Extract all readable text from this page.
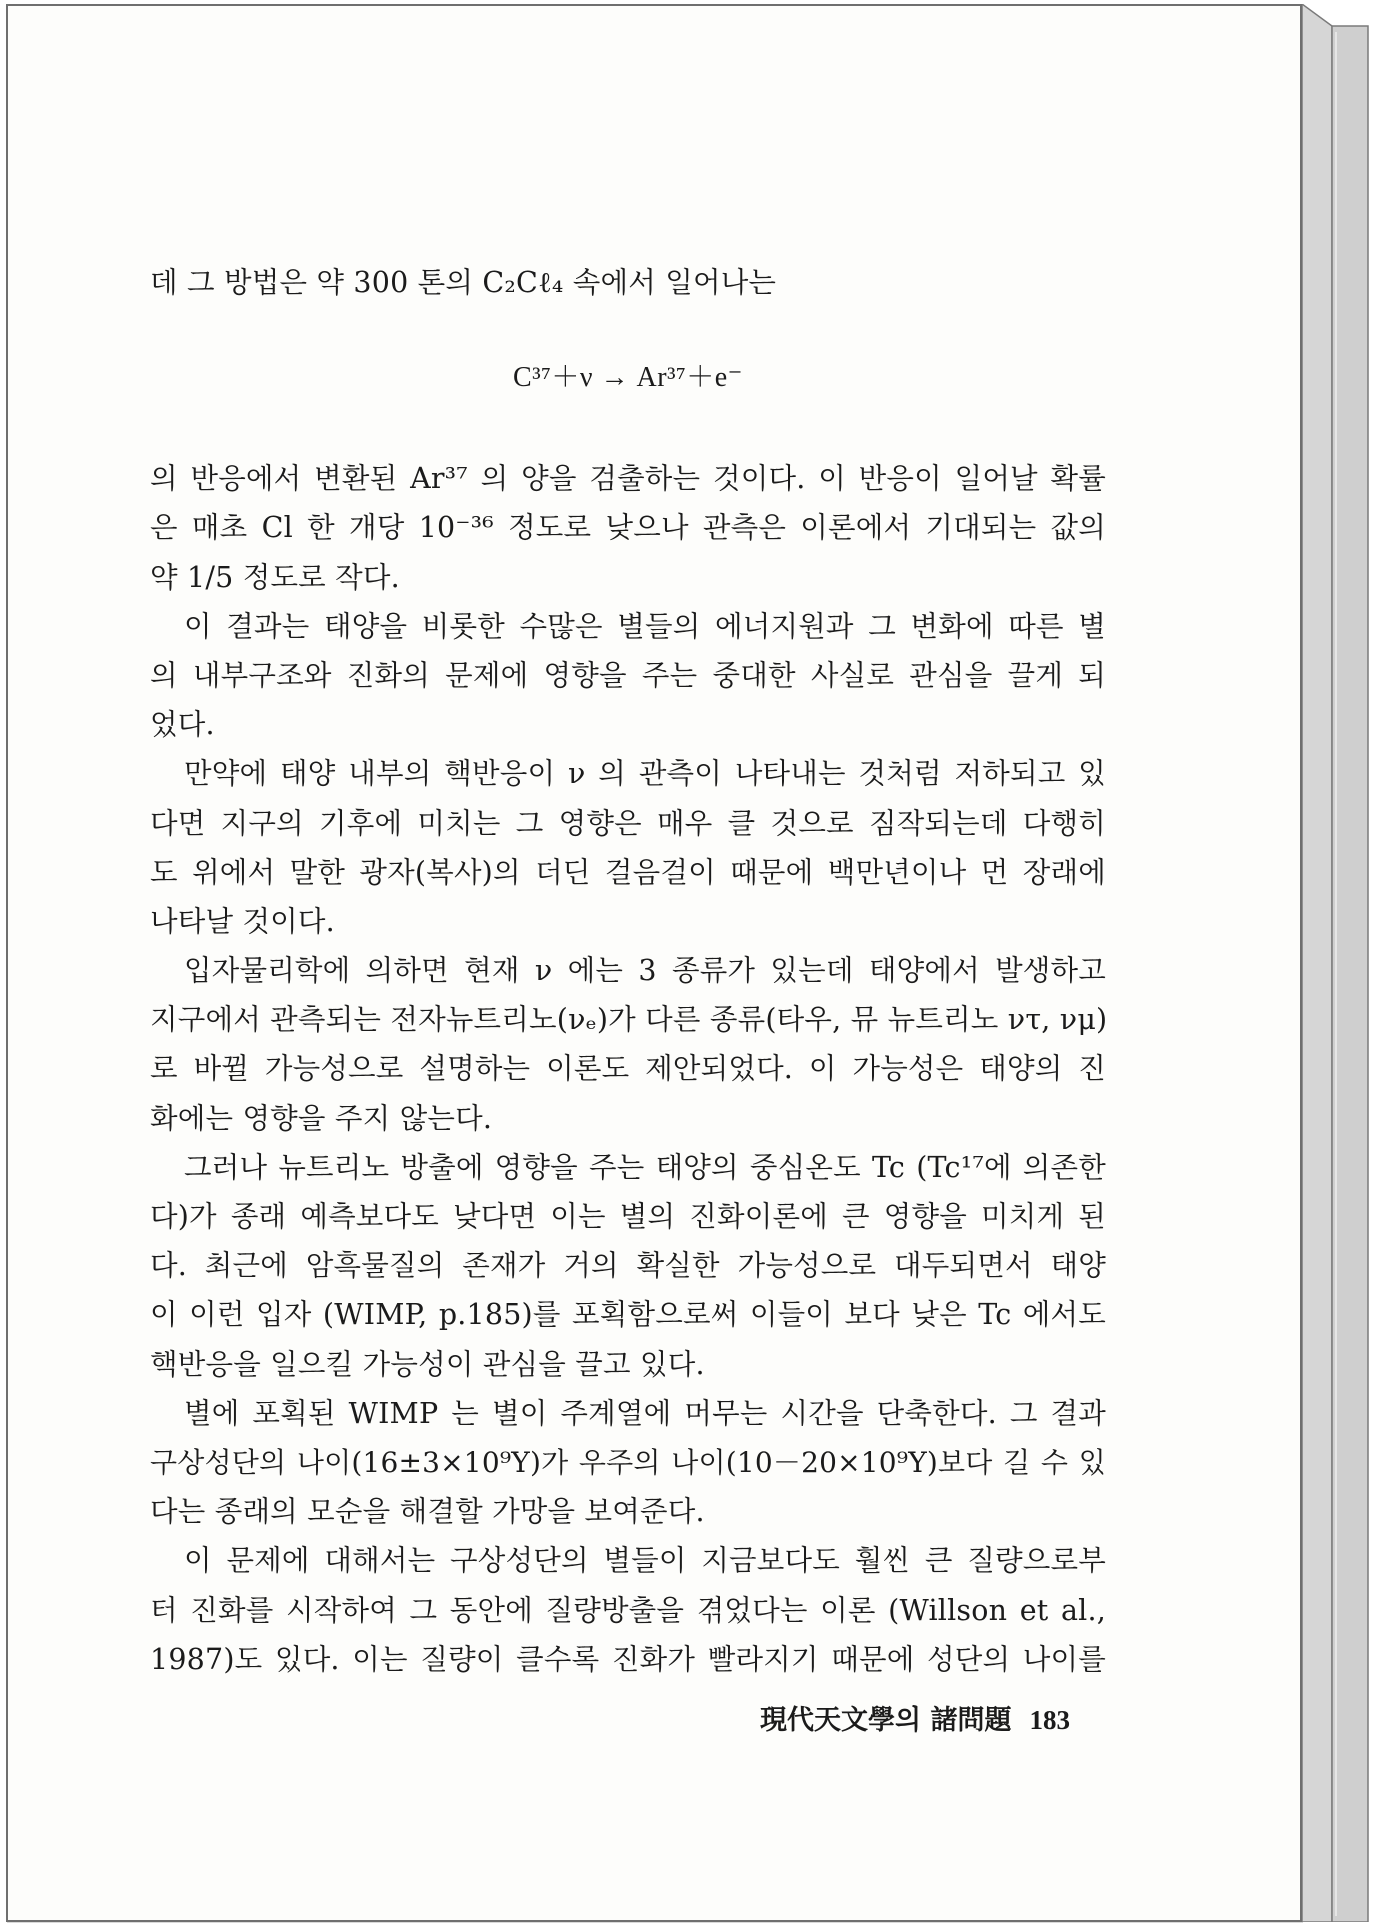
데 그 방법은 약 300 톤의 C₂Cℓ₄ 속에서 일어나는
C³⁷＋ν → Ar³⁷＋e⁻
의 반응에서 변환된 Ar³⁷ 의 양을 검출하는 것이다. 이 반응이 일어날 확률
은 매초 Cl 한 개당 10⁻³⁶ 정도로 낮으나 관측은 이론에서 기대되는 값의
약 1/5 정도로 작다.
이 결과는 태양을 비롯한 수많은 별들의 에너지원과 그 변화에 따른 별
의 내부구조와 진화의 문제에 영향을 주는 중대한 사실로 관심을 끌게 되
었다.
만약에 태양 내부의 핵반응이 ν 의 관측이 나타내는 것처럼 저하되고 있
다면 지구의 기후에 미치는 그 영향은 매우 클 것으로 짐작되는데 다행히
도 위에서 말한 광자(복사)의 더딘 걸음걸이 때문에 백만년이나 먼 장래에
나타날 것이다.
입자물리학에 의하면 현재 ν 에는 3 종류가 있는데 태양에서 발생하고
지구에서 관측되는 전자뉴트리노(νₑ)가 다른 종류(타우, 뮤 뉴트리노 ντ, νμ)
로 바뀔 가능성으로 설명하는 이론도 제안되었다. 이 가능성은 태양의 진
화에는 영향을 주지 않는다.
그러나 뉴트리노 방출에 영향을 주는 태양의 중심온도 Tc (Tc¹⁷에 의존한
다)가 종래 예측보다도 낮다면 이는 별의 진화이론에 큰 영향을 미치게 된
다. 최근에 암흑물질의 존재가 거의 확실한 가능성으로 대두되면서 태양
이 이런 입자 (WIMP, p.185)를 포획함으로써 이들이 보다 낮은 Tc 에서도
핵반응을 일으킬 가능성이 관심을 끌고 있다.
별에 포획된 WIMP 는 별이 주계열에 머무는 시간을 단축한다. 그 결과
구상성단의 나이(16±3×10⁹Y)가 우주의 나이(10－20×10⁹Y)보다 길 수 있
다는 종래의 모순을 해결할 가망을 보여준다.
이 문제에 대해서는 구상성단의 별들이 지금보다도 훨씬 큰 질량으로부
터 진화를 시작하여 그 동안에 질량방출을 겪었다는 이론 (Willson et al.,
1987)도 있다. 이는 질량이 클수록 진화가 빨라지기 때문에 성단의 나이를
現代天文學의 諸問題 183
